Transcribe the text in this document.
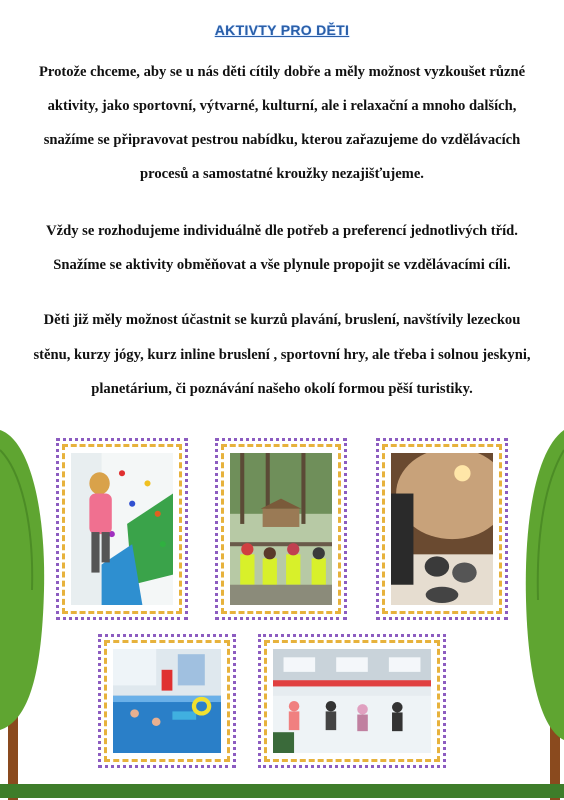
AKTIVTY PRO DĚTI
Protože chceme, aby se u nás děti cítily dobře a měly možnost vyzkoušet různé aktivity, jako sportovní, výtvarné, kulturní, ale i relaxační a mnoho dalších, snažíme se připravovat pestrou nabídku, kterou zařazujeme do vzdělávacích procesů a samostatné kroužky nezajišťujeme.
Vždy se rozhodujeme individuálně dle potřeb a preferencí jednotlivých tříd. Snažíme se aktivity obměňovat a vše plynule propojit se vzdělávacími cíli.
Děti již měly možnost účastnit se kurzů plavání, bruslení, navštívily lezeckou stěnu, kurzy jógy, kurz inline bruslení , sportovní hry, ale třeba i solnou jeskyni, planetárium, či poznávání našeho okolí formou pěší turistiky.
